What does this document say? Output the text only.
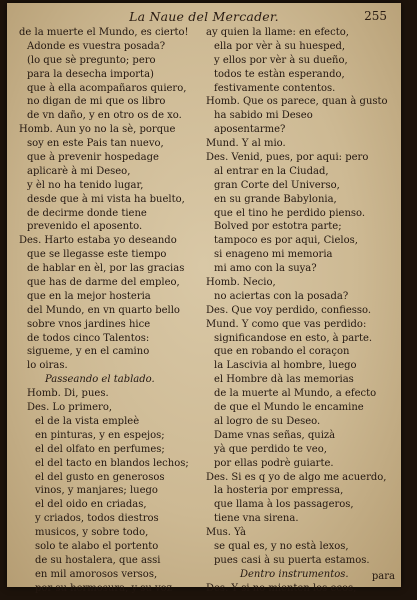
La Naue del Mercader.	255
de la muerte el Mundo, es cierto!
Adonde es vuestra posada?
(lo que sè pregunto; pero
para la desecha importa)
que à ella acompañaros quiero,
no digan de mi que os libro
de vn daño, y en otro os de xo.
Homb. Aun yo no la sè, porque
soy en este Pais tan nuevo,
que à prevenir hospedage
aplicarè à mi Deseo,
y èl no ha tenido lugar,
desde que à mi vista ha buelto,
de decirme donde tiene
prevenido el aposento.
Des. Harto estaba yo deseando
que se llegasse este tiempo
de hablar en èl, por las gracias
que has de darme del empleo,
que en la mejor hosteria
del Mundo, en vn quarto bello
sobre vnos jardines hice
de todos cinco Talentos:
sigueme, y en el camino
lo oiras.
Passeando el tablado.
Homb. Di, pues.
Des. Lo primero,
el de la vista empleè
en pinturas, y en espejos;
el del olfato en perfumes;
el del tacto en blandos lechos;
el del gusto en generosos
vinos, y manjares; luego
el del oido en criadas,
y criados, todos diestros
musicos, y sobre todo,
solo te alabo el portento
de su hostalera, que assi
en mil amorosos versos,
por su hermosura, y su voz
ay quien la llame: en efecto,
ella por vèr à su huesped,
y ellos por vèr à su dueño,
todos te estàn esperando,
festivamente contentos.
Homb. Que os parece, quan à gusto
ha sabido mi Deseo
aposentarme?
Mund. Y al mio.
Des. Venid, pues, por aqui: pero
al entrar en la Ciudad,
gran Corte del Universo,
en su grande Babylonia,
que el tino he perdido pienso.
Bolved por estotra parte;
tampoco es por aqui, Cielos,
si enageno mi memoria
mi amo con la suya?
Homb. Necio,
no aciertas con la posada?
Des. Que voy perdido, confiesso.
Mund. Y como que vas perdido:
significandose en esto, à parte.
que en robando el coraçon
la Lascivia al hombre, luego
el Hombre dà las memorias
de la muerte al Mundo, a efecto
de que el Mundo le encamine
al logro de su Deseo.
Dame vnas señas, quizà
yà que perdido te veo,
por ellas podrè guiarte.
Des. Si es q yo de algo me acuerdo,
la hosteria por empressa,
que llama à los passageros,
tiene vna sirena.
Mus. Yà
se qual es, y no està lexos,
pues casi à su puerta estamos.
Dentro instrumentos.
Des. Y si no mienten los ecos,
para
